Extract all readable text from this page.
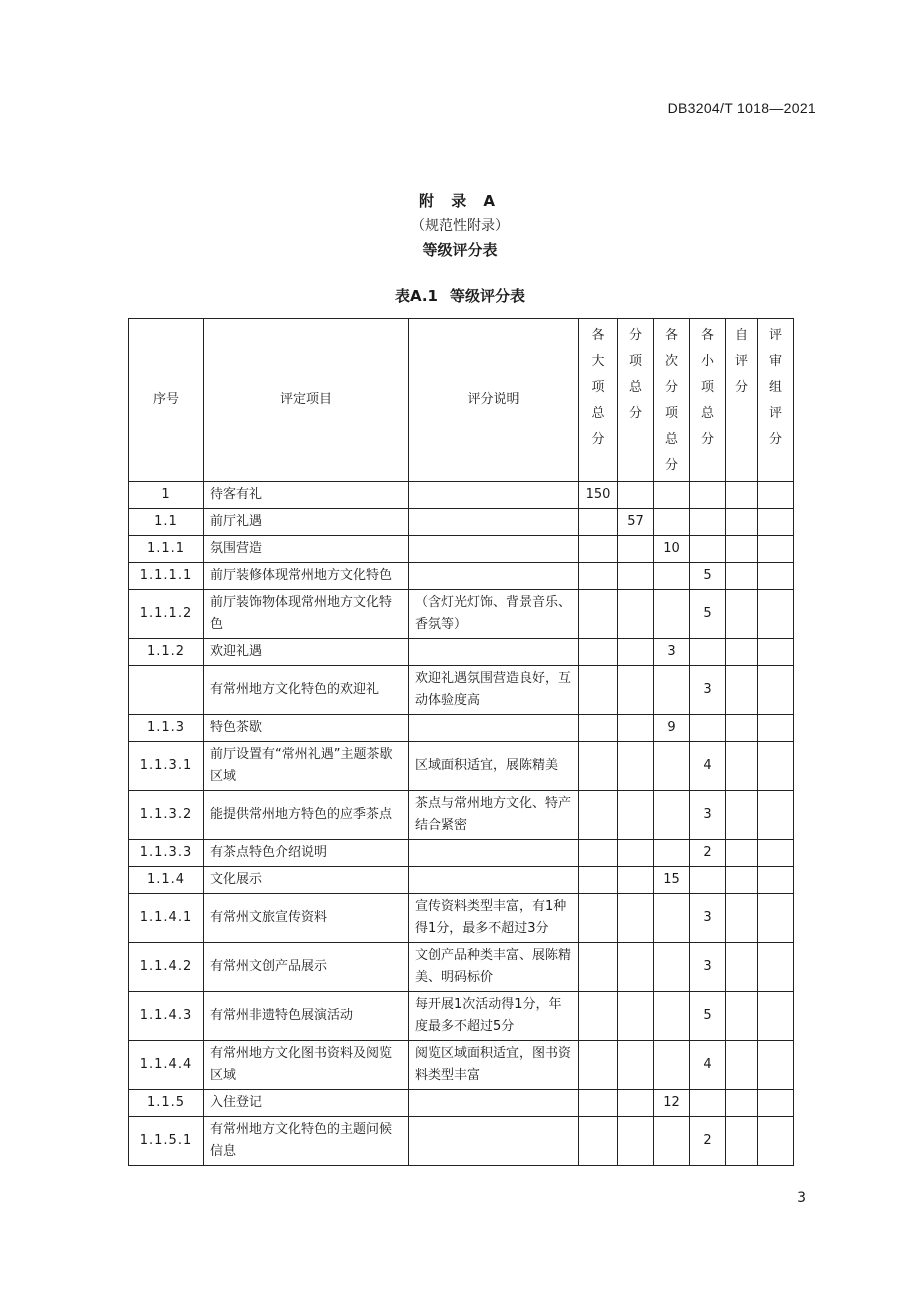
DB3204/T 1018—2021
附 录 A
（规范性附录）
等级评分表
表A.1 等级评分表
序号	评定项目	评分说明	各大项总分	分项总分	各次分项总分	各小项总分	自评分	评审组评分
1	待客有礼		150					
1.1	前厅礼遇			57				
1.1.1	氛围营造				10			
1.1.1.1	前厅装修体现常州地方文化特色					5		
1.1.1.2	前厅装饰物体现常州地方文化特色	（含灯光灯饰、背景音乐、香氛等）				5		
1.1.2	欢迎礼遇				3			
	有常州地方文化特色的欢迎礼	欢迎礼遇氛围营造良好，互动体验度高				3		
1.1.3	特色茶歇				9			
1.1.3.1	前厅设置有“常州礼遇”主题茶歇区域	区域面积适宜，展陈精美				4		
1.1.3.2	能提供常州地方特色的应季茶点	茶点与常州地方文化、特产结合紧密				3		
1.1.3.3	有茶点特色介绍说明					2		
1.1.4	文化展示				15			
1.1.4.1	有常州文旅宣传资料	宣传资料类型丰富，有1种得1分，最多不超过3分				3		
1.1.4.2	有常州文创产品展示	文创产品种类丰富、展陈精美、明码标价				3		
1.1.4.3	有常州非遗特色展演活动	每开展1次活动得1分，年度最多不超过5分				5		
1.1.4.4	有常州地方文化图书资料及阅览区域	阅览区域面积适宜，图书资料类型丰富				4		
1.1.5	入住登记				12			
1.1.5.1	有常州地方文化特色的主题问候信息					2		
3
